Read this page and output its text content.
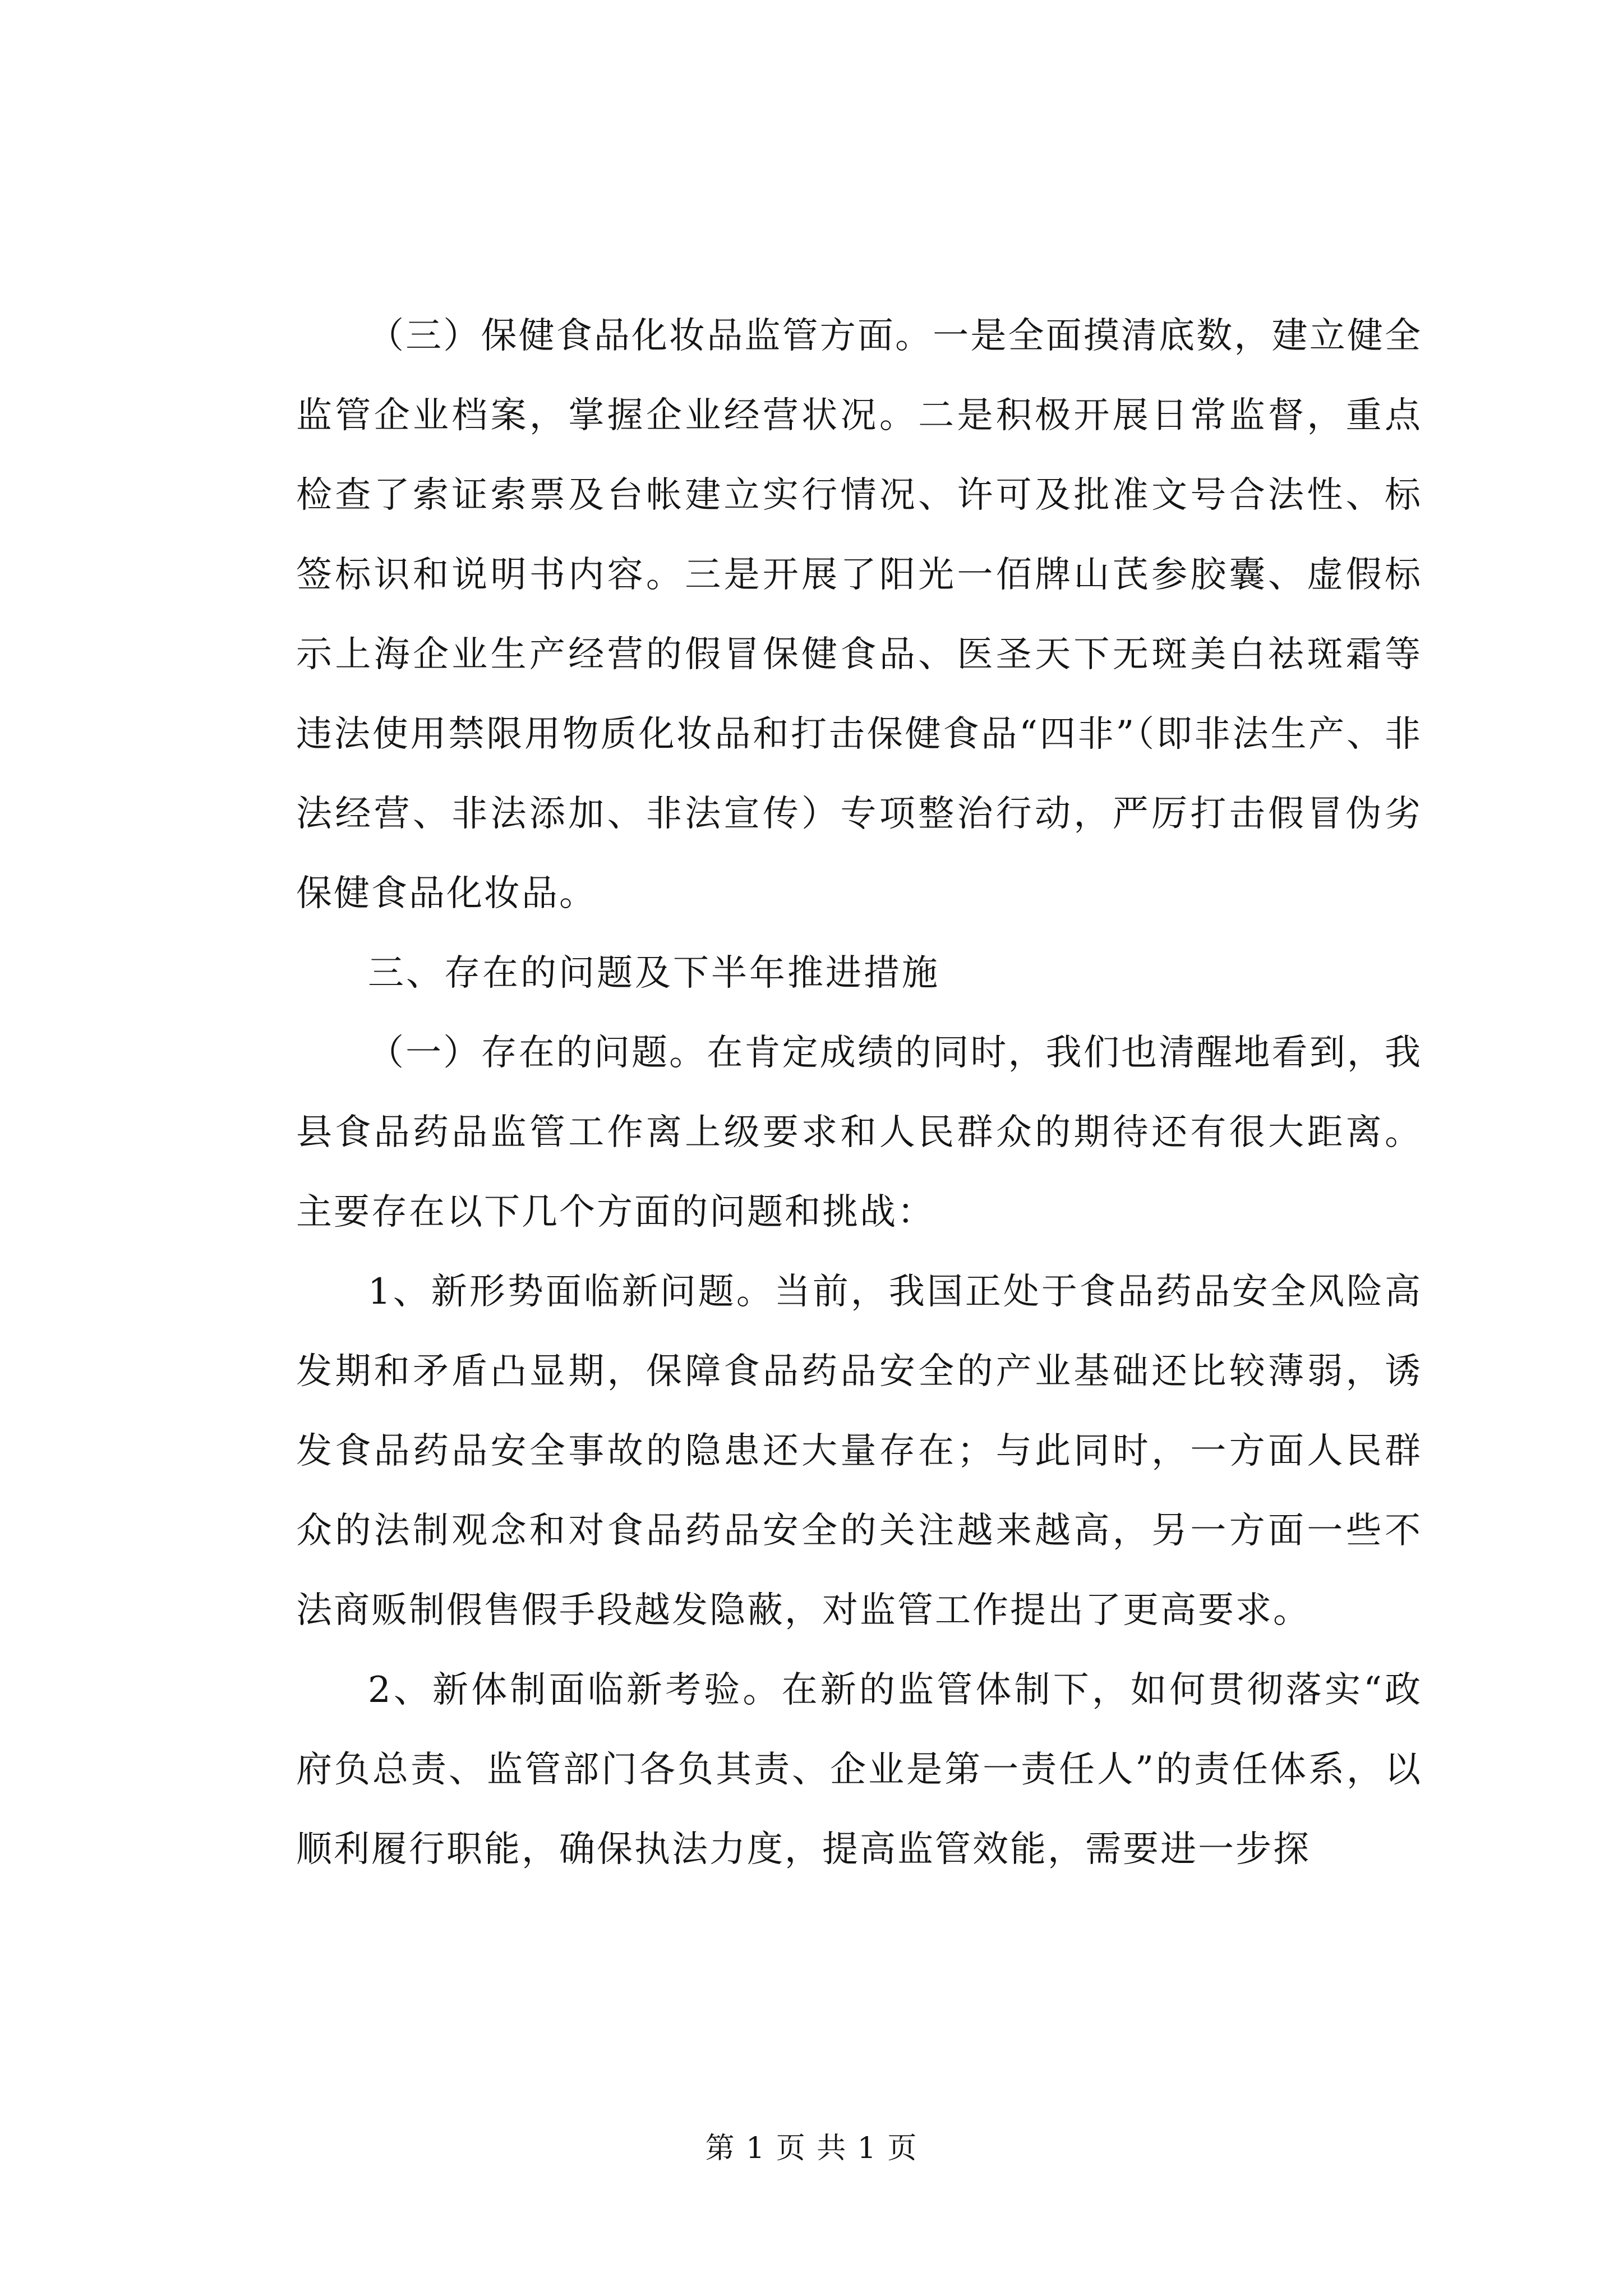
（三）保健食品化妆品监管方面。一是全面摸清底数，建立健全监管企业档案，掌握企业经营状况。二是积极开展日常监督，重点检查了索证索票及台帐建立实行情况、许可及批准文号合法性、标签标识和说明书内容。三是开展了阳光一佰牌山芪参胶囊、虚假标示上海企业生产经营的假冒保健食品、医圣天下无斑美白祛斑霜等违法使用禁限用物质化妆品和打击保健食品“四非”（即非法生产、非法经营、非法添加、非法宣传）专项整治行动，严厉打击假冒伪劣保健食品化妆品。

三、存在的问题及下半年推进措施

（一）存在的问题。在肯定成绩的同时，我们也清醒地看到，我县食品药品监管工作离上级要求和人民群众的期待还有很大距离。主要存在以下几个方面的问题和挑战：

1、新形势面临新问题。当前，我国正处于食品药品安全风险高发期和矛盾凸显期，保障食品药品安全的产业基础还比较薄弱，诱发食品药品安全事故的隐患还大量存在；与此同时，一方面人民群众的法制观念和对食品药品安全的关注越来越高，另一方面一些不法商贩制假售假手段越发隐蔽，对监管工作提出了更高要求。

2、新体制面临新考验。在新的监管体制下，如何贯彻落实“政府负总责、监管部门各负其责、企业是第一责任人”的责任体系，以顺利履行职能，确保执法力度，提高监管效能，需要进一步探

第 1 页 共 1 页
